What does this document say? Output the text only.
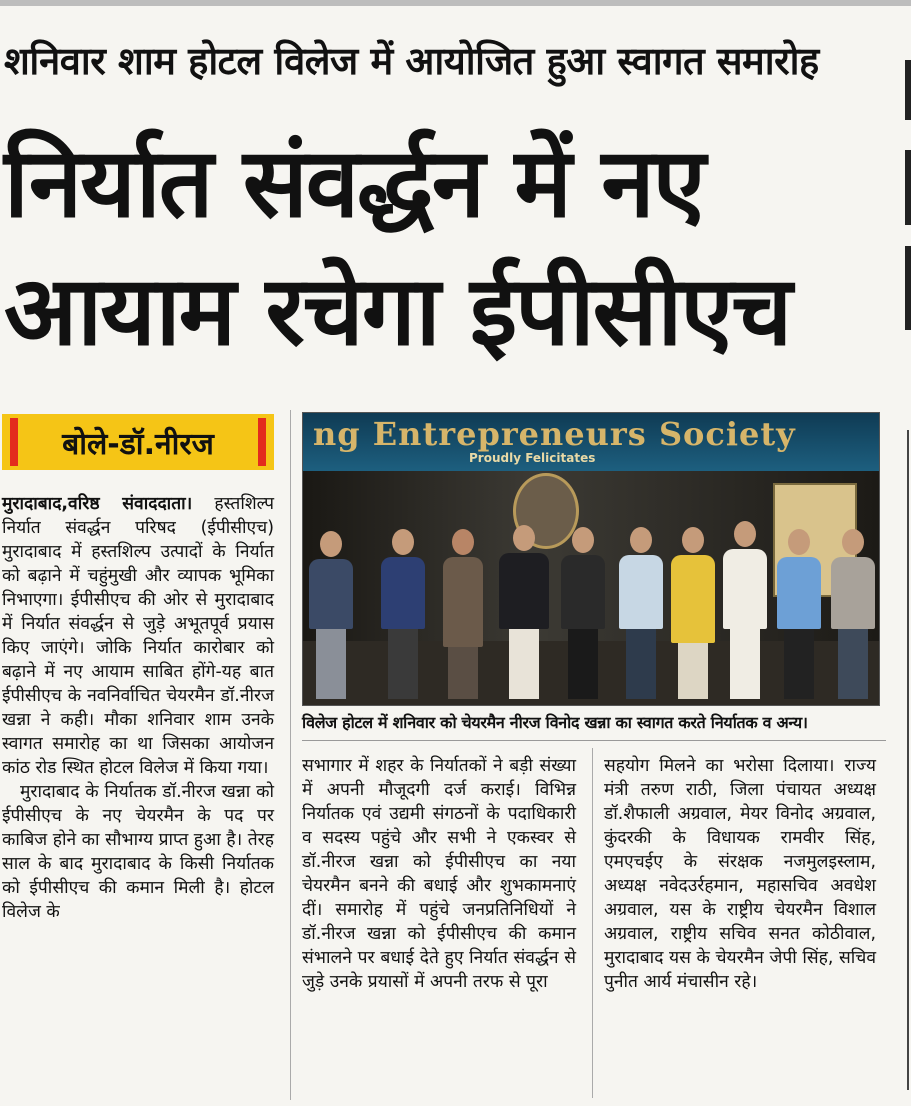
शनिवार शाम होटल विलेज में आयोजित हुआ स्वागत समारोह
निर्यात संवर्द्धन में नए
आयाम रचेगा ईपीसीएच
बोले-डॉ.नीरज

मुरादाबाद,वरिष्ठ संवाददाता। हस्तशिल्प निर्यात संवर्द्धन परिषद (ईपीसीएच) मुरादाबाद में हस्तशिल्प उत्पादों के निर्यात को बढ़ाने में चहुंमुखी और व्यापक भूमिका निभाएगा। ईपीसीएच की ओर से मुरादाबाद में निर्यात संवर्द्धन से जुड़े अभूतपूर्व प्रयास किए जाएंगे। जोकि निर्यात कारोबार को बढ़ाने में नए आयाम साबित होंगे-यह बात ईपीसीएच के नवनिर्वाचित चेयरमैन डॉ.नीरज खन्ना ने कही। मौका शनिवार शाम उनके स्वागत समारोह का था जिसका आयोजन कांठ रोड स्थित होटल विलेज में किया गया।

मुरादाबाद के निर्यातक डॉ.नीरज खन्ना को ईपीसीएच के नए चेयरमैन के पद पर काबिज होने का सौभाग्य प्राप्त हुआ है। तेरह साल के बाद मुरादाबाद के किसी निर्यातक को ईपीसीएच की कमान मिली है। होटल विलेज के

ng Entrepreneurs Society
Proudly Felicitates
विलेज होटल में शनिवार को चेयरमैन नीरज विनोद खन्ना का स्वागत करते निर्यातक व अन्य।

सभागार में शहर के निर्यातकों ने बड़ी संख्या में अपनी मौजूदगी दर्ज कराई। विभिन्न निर्यातक एवं उद्यमी संगठनों के पदाधिकारी व सदस्य पहुंचे और सभी ने एकस्वर से डॉ.नीरज खन्ना को ईपीसीएच का नया चेयरमैन बनने की बधाई और शुभकामनाएं दीं। समारोह में पहुंचे जनप्रतिनिधियों ने डॉ.नीरज खन्ना को ईपीसीएच की कमान संभालने पर बधाई देते हुए निर्यात संवर्द्धन से जुड़े उनके प्रयासों में अपनी तरफ से पूरा

सहयोग मिलने का भरोसा दिलाया। राज्य मंत्री तरुण राठी, जिला पंचायत अध्यक्ष डॉ.शैफाली अग्रवाल, मेयर विनोद अग्रवाल, कुंदरकी के विधायक रामवीर सिंह, एमएचईए के संरक्षक नजमुलइस्लाम, अध्यक्ष नवेदउर्रहमान, महासचिव अवधेश अग्रवाल, यस के राष्ट्रीय चेयरमैन विशाल अग्रवाल, राष्ट्रीय सचिव सनत कोठीवाल, मुरादाबाद यस के चेयरमैन जेपी सिंह, सचिव पुनीत आर्य मंचासीन रहे।
